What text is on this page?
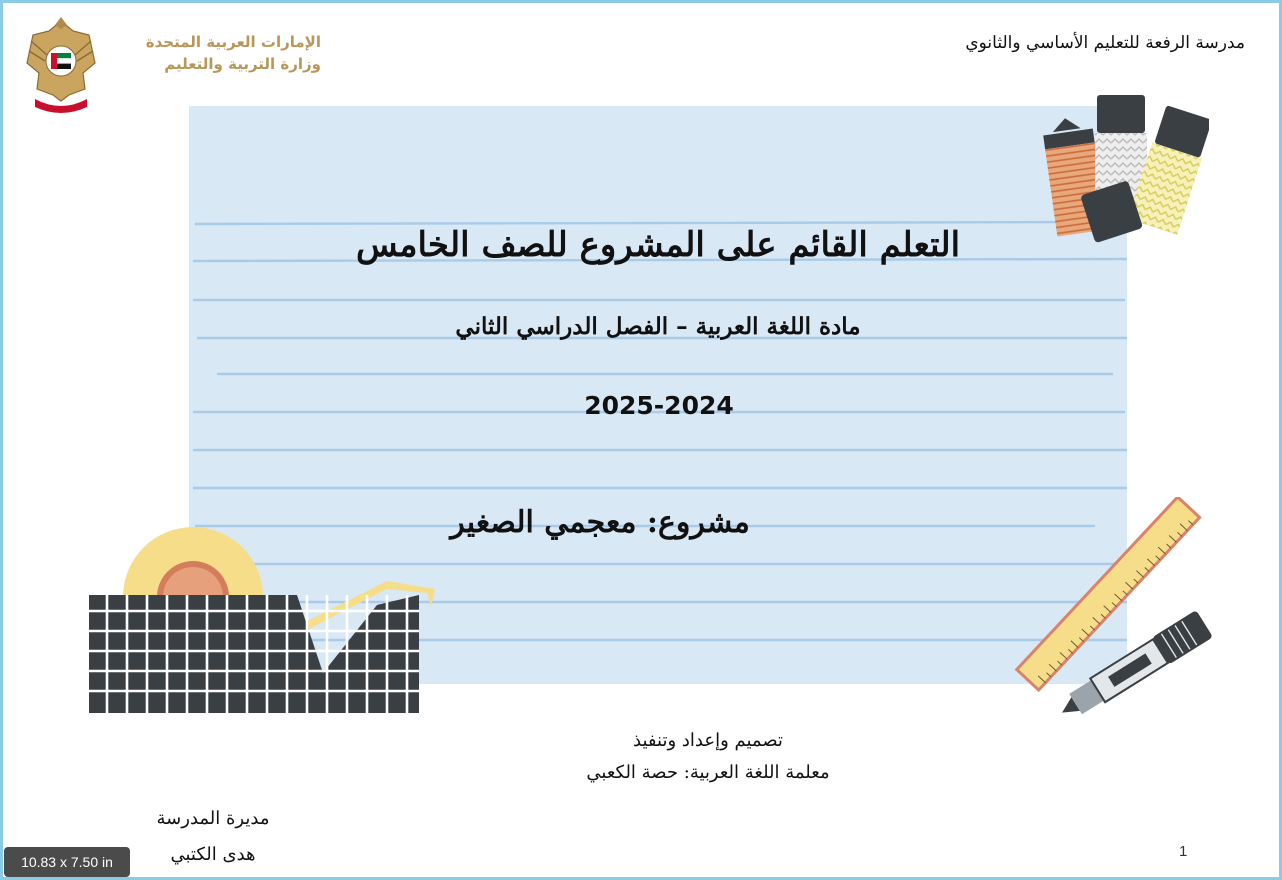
الإمارات العربية المتحدة
وزارة التربية والتعليم
مدرسة الرفعة للتعليم الأساسي والثانوي
التعلم القائم على المشروع للصف الخامس
مادة اللغة العربية – الفصل الدراسي الثاني
2025-2024
مشروع: معجمي الصغير
تصميم وإعداد وتنفيذ
معلمة اللغة العربية: حصة الكعبي
مديرة المدرسة
هدى الكتبي	1
10.83 x 7.50 in
